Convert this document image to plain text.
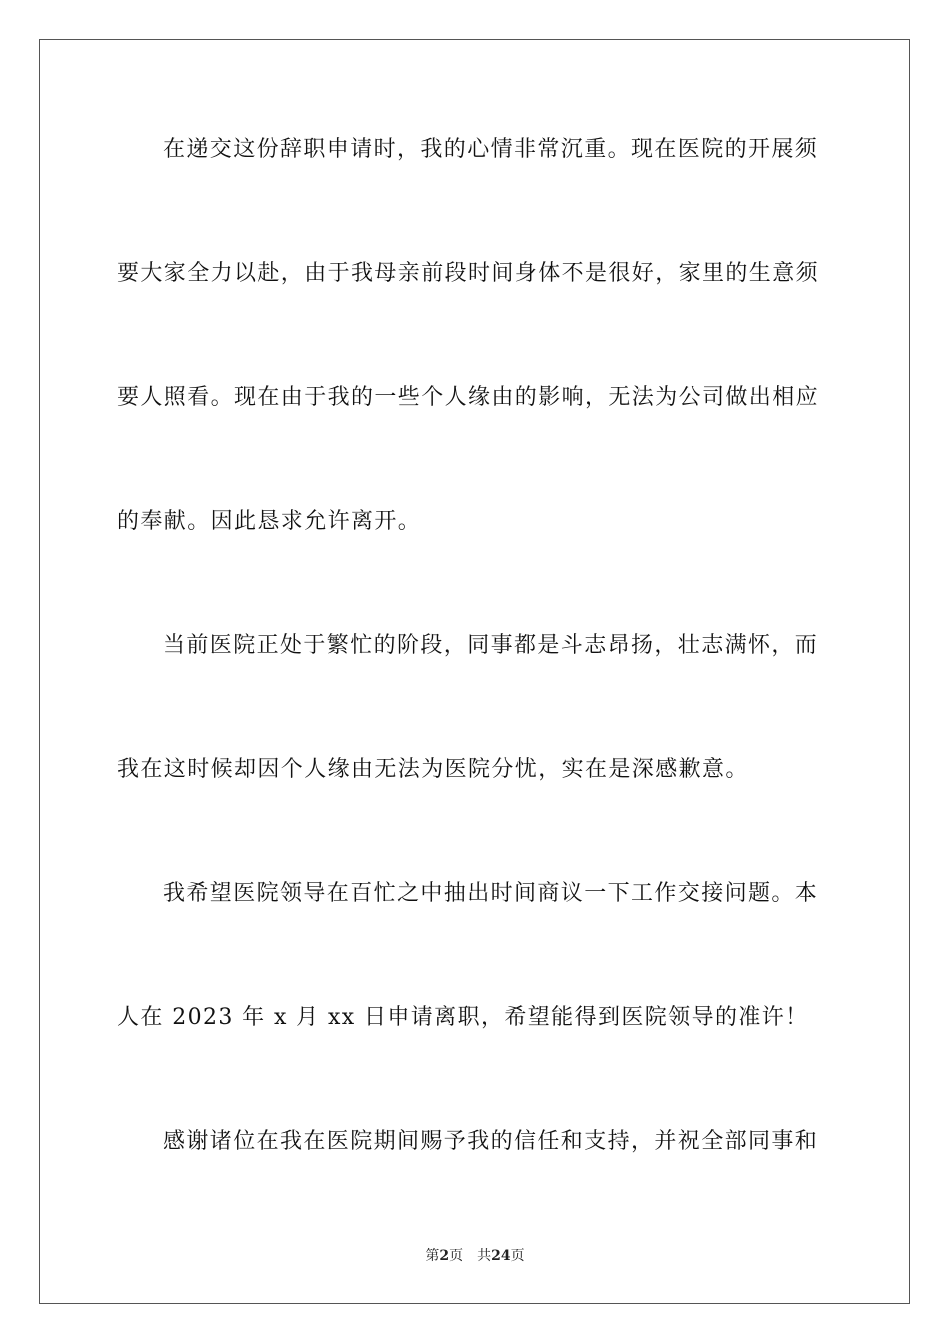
在递交这份辞职申请时，我的心情非常沉重。现在医院的开展须
要大家全力以赴，由于我母亲前段时间身体不是很好，家里的生意须
要人照看。现在由于我的一些个人缘由的影响，无法为公司做出相应
的奉献。因此恳求允许离开。
当前医院正处于繁忙的阶段，同事都是斗志昂扬，壮志满怀，而
我在这时候却因个人缘由无法为医院分忧，实在是深感歉意。
我希望医院领导在百忙之中抽出时间商议一下工作交接问题。本
人在 2023 年 x 月 xx 日申请离职，希望能得到医院领导的准许！
感谢诸位在我在医院期间赐予我的信任和支持，并祝全部同事和
第2页 共24页
